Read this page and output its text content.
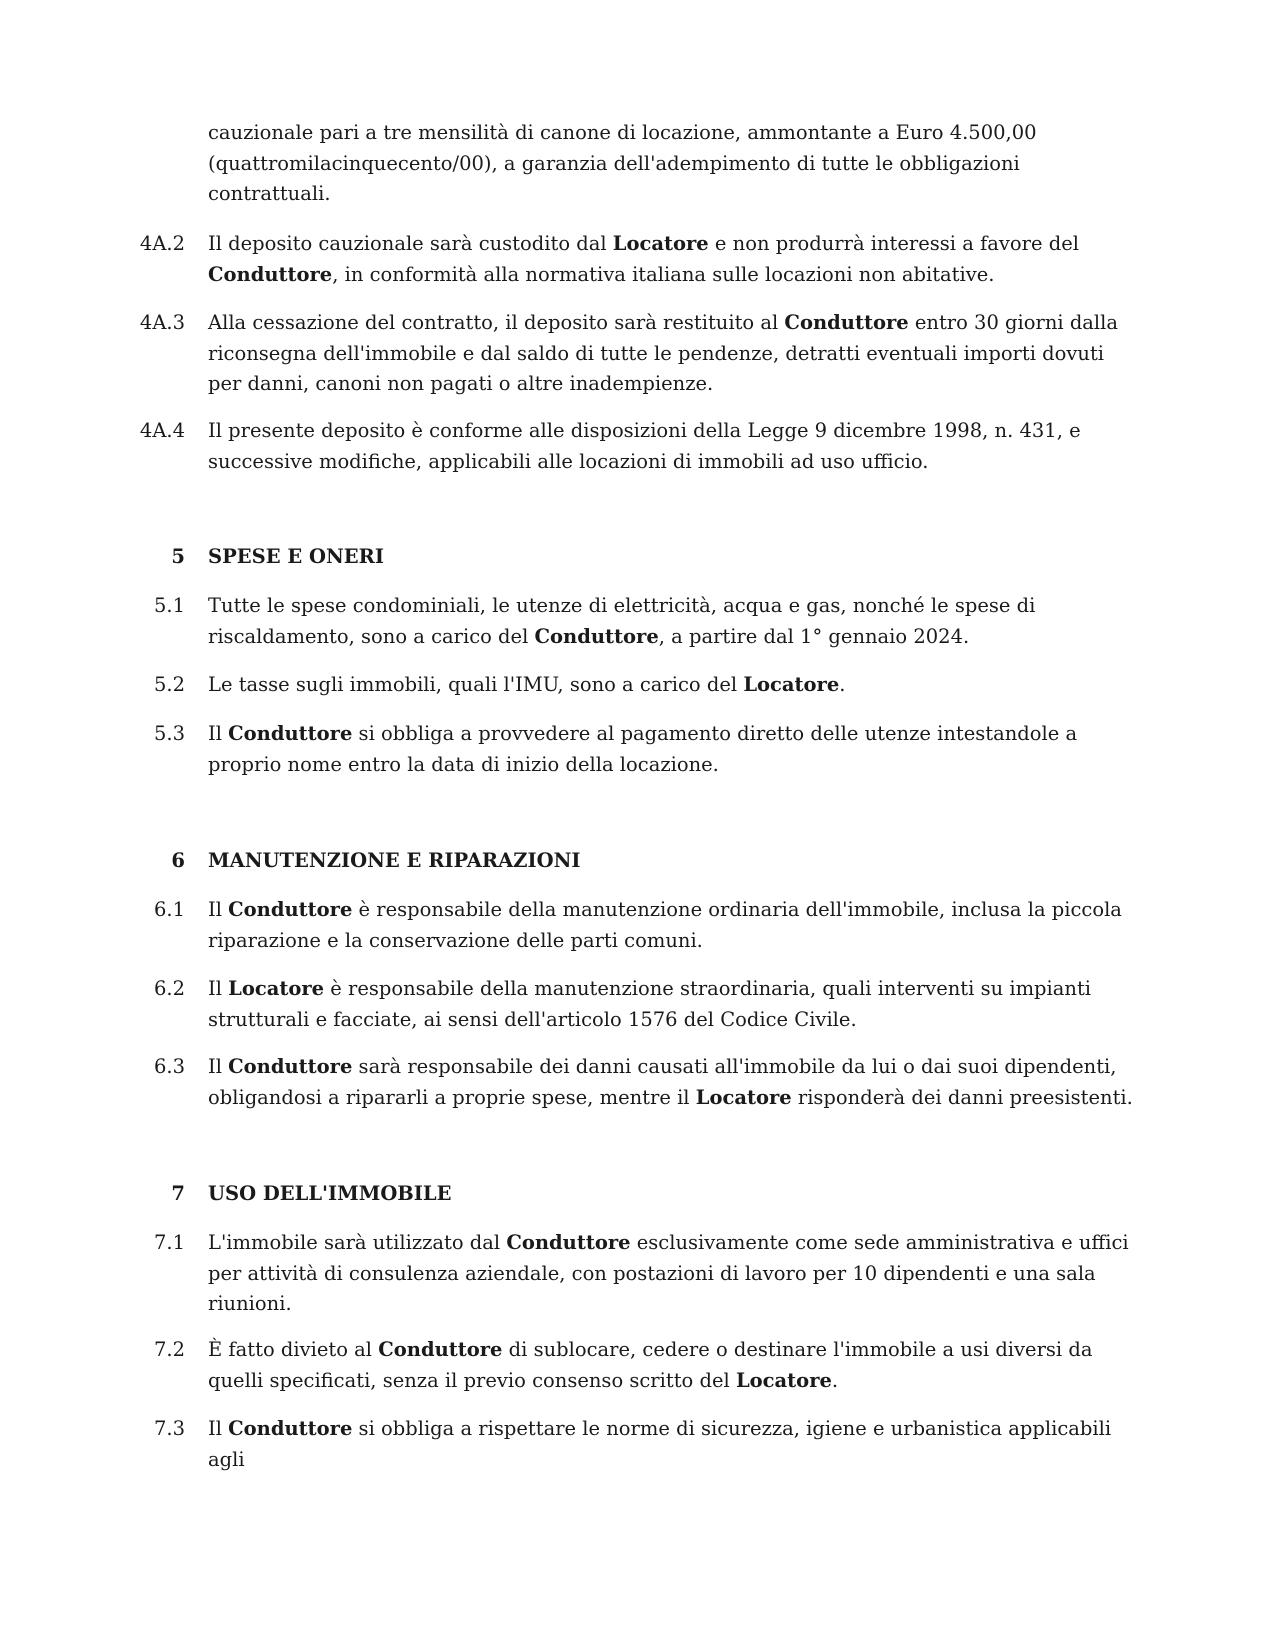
cauzionale pari a tre mensilità di canone di locazione, ammontante a Euro 4.500,00 (quattromilacinquecento/00), a garanzia dell'adempimento di tutte le obbligazioni contrattuali.

4A.2 Il deposito cauzionale sarà custodito dal Locatore e non produrrà interessi a favore del Conduttore, in conformità alla normativa italiana sulle locazioni non abitative.

4A.3 Alla cessazione del contratto, il deposito sarà restituito al Conduttore entro 30 giorni dalla riconsegna dell'immobile e dal saldo di tutte le pendenze, detratti eventuali importi dovuti per danni, canoni non pagati o altre inadempienze.

4A.4 Il presente deposito è conforme alle disposizioni della Legge 9 dicembre 1998, n. 431, e successive modifiche, applicabili alle locazioni di immobili ad uso ufficio.

5 SPESE E ONERI

5.1 Tutte le spese condominiali, le utenze di elettricità, acqua e gas, nonché le spese di riscaldamento, sono a carico del Conduttore, a partire dal 1° gennaio 2024.

5.2 Le tasse sugli immobili, quali l'IMU, sono a carico del Locatore.

5.3 Il Conduttore si obbliga a provvedere al pagamento diretto delle utenze intestandole a proprio nome entro la data di inizio della locazione.

6 MANUTENZIONE E RIPARAZIONI

6.1 Il Conduttore è responsabile della manutenzione ordinaria dell'immobile, inclusa la piccola riparazione e la conservazione delle parti comuni.

6.2 Il Locatore è responsabile della manutenzione straordinaria, quali interventi su impianti strutturali e facciate, ai sensi dell'articolo 1576 del Codice Civile.

6.3 Il Conduttore sarà responsabile dei danni causati all'immobile da lui o dai suoi dipendenti, obligandosi a ripararli a proprie spese, mentre il Locatore risponderà dei danni preesistenti.

7 USO DELL'IMMOBILE

7.1 L'immobile sarà utilizzato dal Conduttore esclusivamente come sede amministrativa e uffici per attività di consulenza aziendale, con postazioni di lavoro per 10 dipendenti e una sala riunioni.

7.2 È fatto divieto al Conduttore di sublocare, cedere o destinare l'immobile a usi diversi da quelli specificati, senza il previo consenso scritto del Locatore.

7.3 Il Conduttore si obbliga a rispettare le norme di sicurezza, igiene e urbanistica applicabili agli
